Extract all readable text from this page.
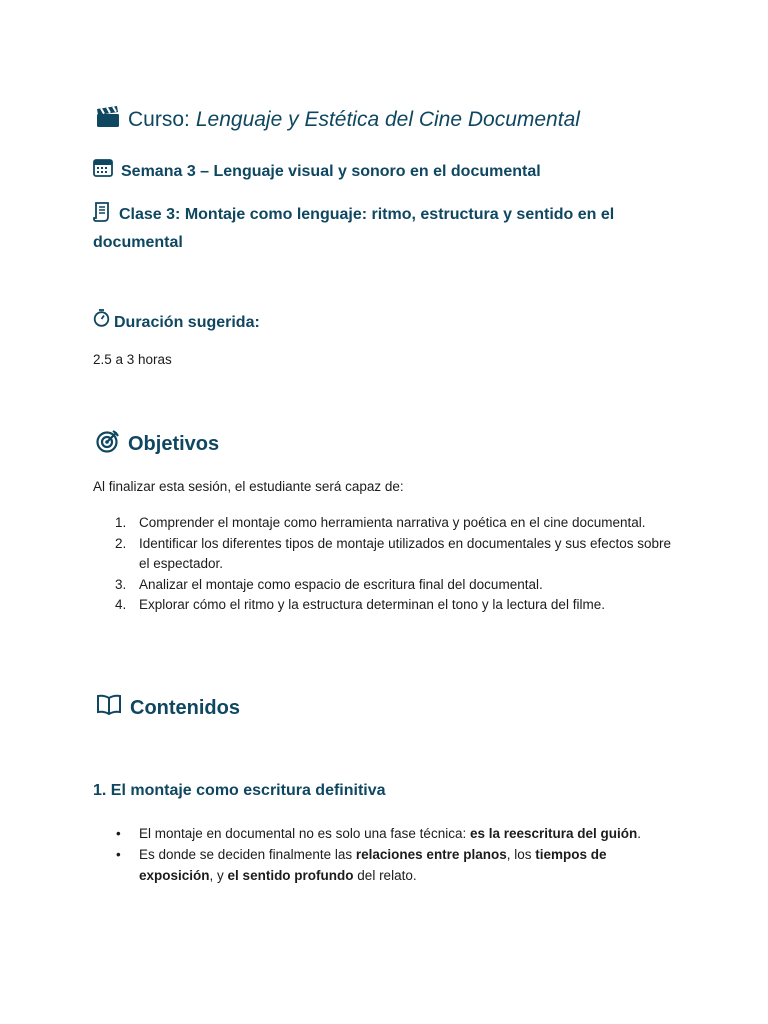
Curso: Lenguaje y Estética del Cine Documental
Semana 3 – Lenguaje visual y sonoro en el documental
Clase 3: Montaje como lenguaje: ritmo, estructura y sentido en el documental
Duración sugerida:
2.5 a 3 horas
Objetivos
Al finalizar esta sesión, el estudiante será capaz de:
1. Comprender el montaje como herramienta narrativa y poética en el cine documental.
2. Identificar los diferentes tipos de montaje utilizados en documentales y sus efectos sobre el espectador.
3. Analizar el montaje como espacio de escritura final del documental.
4. Explorar cómo el ritmo y la estructura determinan el tono y la lectura del filme.
Contenidos
1. El montaje como escritura definitiva
• El montaje en documental no es solo una fase técnica: es la reescritura del guión.
• Es donde se deciden finalmente las relaciones entre planos, los tiempos de exposición, y el sentido profundo del relato.
